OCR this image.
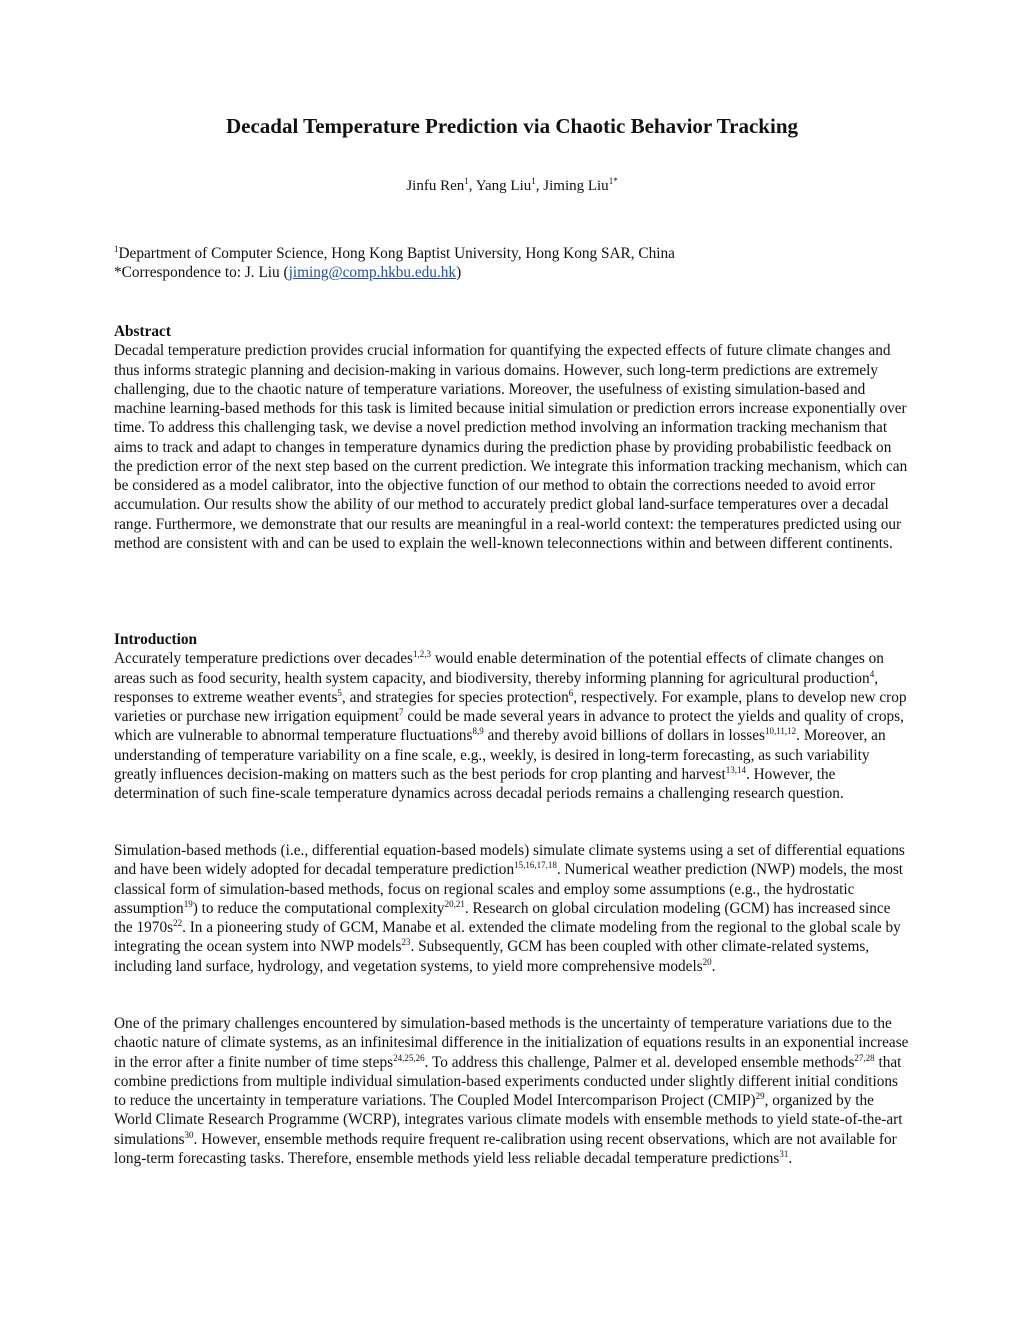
Decadal Temperature Prediction via Chaotic Behavior Tracking
Jinfu Ren$^1$, Yang Liu$^1$, Jiming Liu$^{1*}$

$^1$Department of Computer Science, Hong Kong Baptist University, Hong Kong SAR, China

*Correspondence to: J. Liu (jiming@comp.hkbu.edu.hk)

Abstract

Decadal temperature prediction provides crucial information for quantifying the expected effects of future climate changes and thus informs strategic planning and decision-making in various domains. However, such long-term predictions are extremely challenging, due to the chaotic nature of temperature variations. Moreover, the usefulness of existing simulation-based and machine learning-based methods for this task is limited because initial simulation or prediction errors increase exponentially over time. To address this challenging task, we devise a novel prediction method involving an information tracking mechanism that aims to track and adapt to changes in temperature dynamics during the prediction phase by providing probabilistic feedback on the prediction error of the next step based on the current prediction. We integrate this information tracking mechanism, which can be considered as a model calibrator, into the objective function of our method to obtain the corrections needed to avoid error accumulation. Our results show the ability of our method to accurately predict global land-surface temperatures over a decadal range. Furthermore, we demonstrate that our results are meaningful in a real-world context: the temperatures predicted using our method are consistent with and can be used to explain the well-known teleconnections within and between different continents.

Introduction

Accurately temperature predictions over decades$^{1,2,3}$ would enable determination of the potential effects of climate changes on areas such as food security, health system capacity, and biodiversity, thereby informing planning for agricultural production$^4$, responses to extreme weather events$^5$, and strategies for species protection$^6$, respectively. For example, plans to develop new crop varieties or purchase new irrigation equipment$^7$ could be made several years in advance to protect the yields and quality of crops, which are vulnerable to abnormal temperature fluctuations$^{8,9}$ and thereby avoid billions of dollars in losses$^{10,11,12}$. Moreover, an understanding of temperature variability on a fine scale, e.g., weekly, is desired in long-term forecasting, as such variability greatly influences decision-making on matters such as the best periods for crop planting and harvest$^{13,14}$. However, the determination of such fine-scale temperature dynamics across decadal periods remains a challenging research question.

Simulation-based methods (i.e., differential equation-based models) simulate climate systems using a set of differential equations and have been widely adopted for decadal temperature prediction$^{15,16,17,18}$. Numerical weather prediction (NWP) models, the most classical form of simulation-based methods, focus on regional scales and employ some assumptions (e.g., the hydrostatic assumption$^{19}$) to reduce the computational complexity$^{20,21}$. Research on global circulation modeling (GCM) has increased since the $1970s^{22}$. In a pioneering study of GCM, Manabe et al. extended the climate modeling from the regional to the global scale by integrating the ocean system into NWP models$^{23}$. Subsequently, GCM has been coupled with other climate-related systems, including land surface, hydrology, and vegetation systems, to yield more comprehensive models$^{20}$.

One of the primary challenges encountered by simulation-based methods is the uncertainty of temperature variations due to the chaotic nature of climate systems, as an infinitesimal difference in the initialization of equations results in an exponential increase in the error after a finite number of time steps$^{24,25,26}$. To address this challenge, Palmer et al. developed ensemble methods$^{27,28}$ that combine predictions from multiple individual simulation-based experiments conducted under slightly different initial conditions to reduce the uncertainty in temperature variations. The Coupled Model Intercomparison Project (CMIP)$^{29}$, organized by the World Climate Research Programme (WCRP), integrates various climate models with ensemble methods to yield state-of-the-art simulations$^{30}$. However, ensemble methods require frequent re-calibration using recent observations, which are not available for long-term forecasting tasks. Therefore, ensemble methods yield less reliable decadal temperature predictions$^{31}$.
